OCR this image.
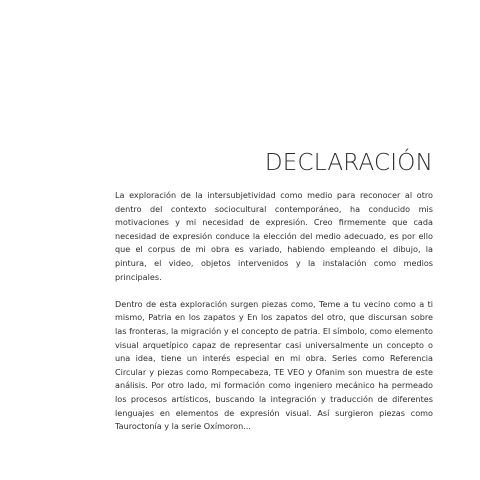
DECLARACIÓN

La exploración de la intersubjetividad como medio para reconocer al otro dentro del contexto sociocultural contemporáneo, ha conducido mis motivaciones y mi necesidad de expresión. Creo firmemente que cada necesidad de expresión conduce la elección del medio adecuado, es por ello que el corpus de mi obra es variado, habiendo empleando el dibujo, la pintura, el video, objetos intervenidos y la instalación como medios principales.

Dentro de esta exploración surgen piezas como, Teme a tu vecino como a ti mismo, Patria en los zapatos y En los zapatos del otro, que discursan sobre las fronteras, la migración y el concepto de patria. El símbolo, como elemento visual arquetípico capaz de representar casi universalmente un concepto o una idea, tiene un interés especial en mi obra. Series como Referencia Circular y piezas como Rompecabeza, TE VEO y Ofanim son muestra de este análisis. Por otro lado, mi formación como ingeniero mecánico ha permeado los procesos artísticos, buscando la integración y traducción de diferentes lenguajes en elementos de expresión visual. Así surgieron piezas como Tauroctonía y la serie Oxímoron...
